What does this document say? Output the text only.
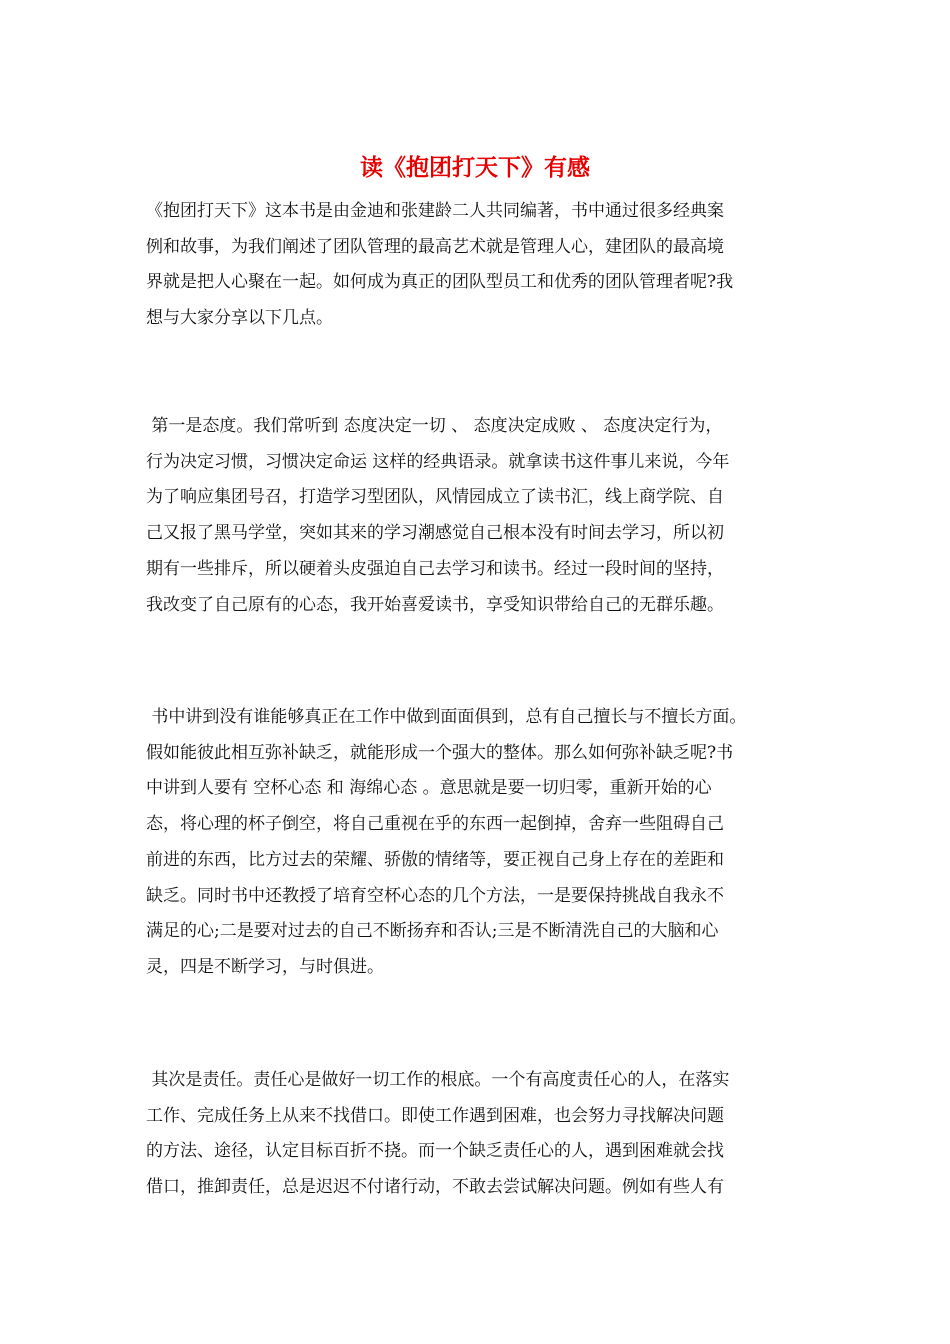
读《抱团打天下》有感
《抱团打天下》这本书是由金迪和张建龄二人共同编著，书中通过很多经典案
例和故事，为我们阐述了团队管理的最高艺术就是管理人心，建团队的最高境
界就是把人心聚在一起。如何成为真正的团队型员工和优秀的团队管理者呢?我
想与大家分享以下几点。
第一是态度。我们常听到 态度决定一切 、 态度决定成败 、 态度决定行为，
行为决定习惯，习惯决定命运 这样的经典语录。就拿读书这件事儿来说，今年
为了响应集团号召，打造学习型团队，风情园成立了读书汇，线上商学院、自
己又报了黑马学堂，突如其来的学习潮感觉自己根本没有时间去学习，所以初
期有一些排斥，所以硬着头皮强迫自己去学习和读书。经过一段时间的坚持，
我改变了自己原有的心态，我开始喜爱读书，享受知识带给自己的无群乐趣。
书中讲到没有谁能够真正在工作中做到面面俱到，总有自己擅长与不擅长方面。
假如能彼此相互弥补缺乏，就能形成一个强大的整体。那么如何弥补缺乏呢?书
中讲到人要有 空杯心态 和 海绵心态 。意思就是要一切归零，重新开始的心
态，将心理的杯子倒空，将自己重视在乎的东西一起倒掉，舍弃一些阻碍自己
前进的东西，比方过去的荣耀、骄傲的情绪等，要正视自己身上存在的差距和
缺乏。同时书中还教授了培育空杯心态的几个方法，一是要保持挑战自我永不
满足的心;二是要对过去的自己不断扬弃和否认;三是不断清洗自己的大脑和心
灵，四是不断学习，与时俱进。
其次是责任。责任心是做好一切工作的根底。一个有高度责任心的人，在落实
工作、完成任务上从来不找借口。即使工作遇到困难，也会努力寻找解决问题
的方法、途径，认定目标百折不挠。而一个缺乏责任心的人，遇到困难就会找
借口，推卸责任，总是迟迟不付诸行动，不敢去尝试解决问题。例如有些人有
